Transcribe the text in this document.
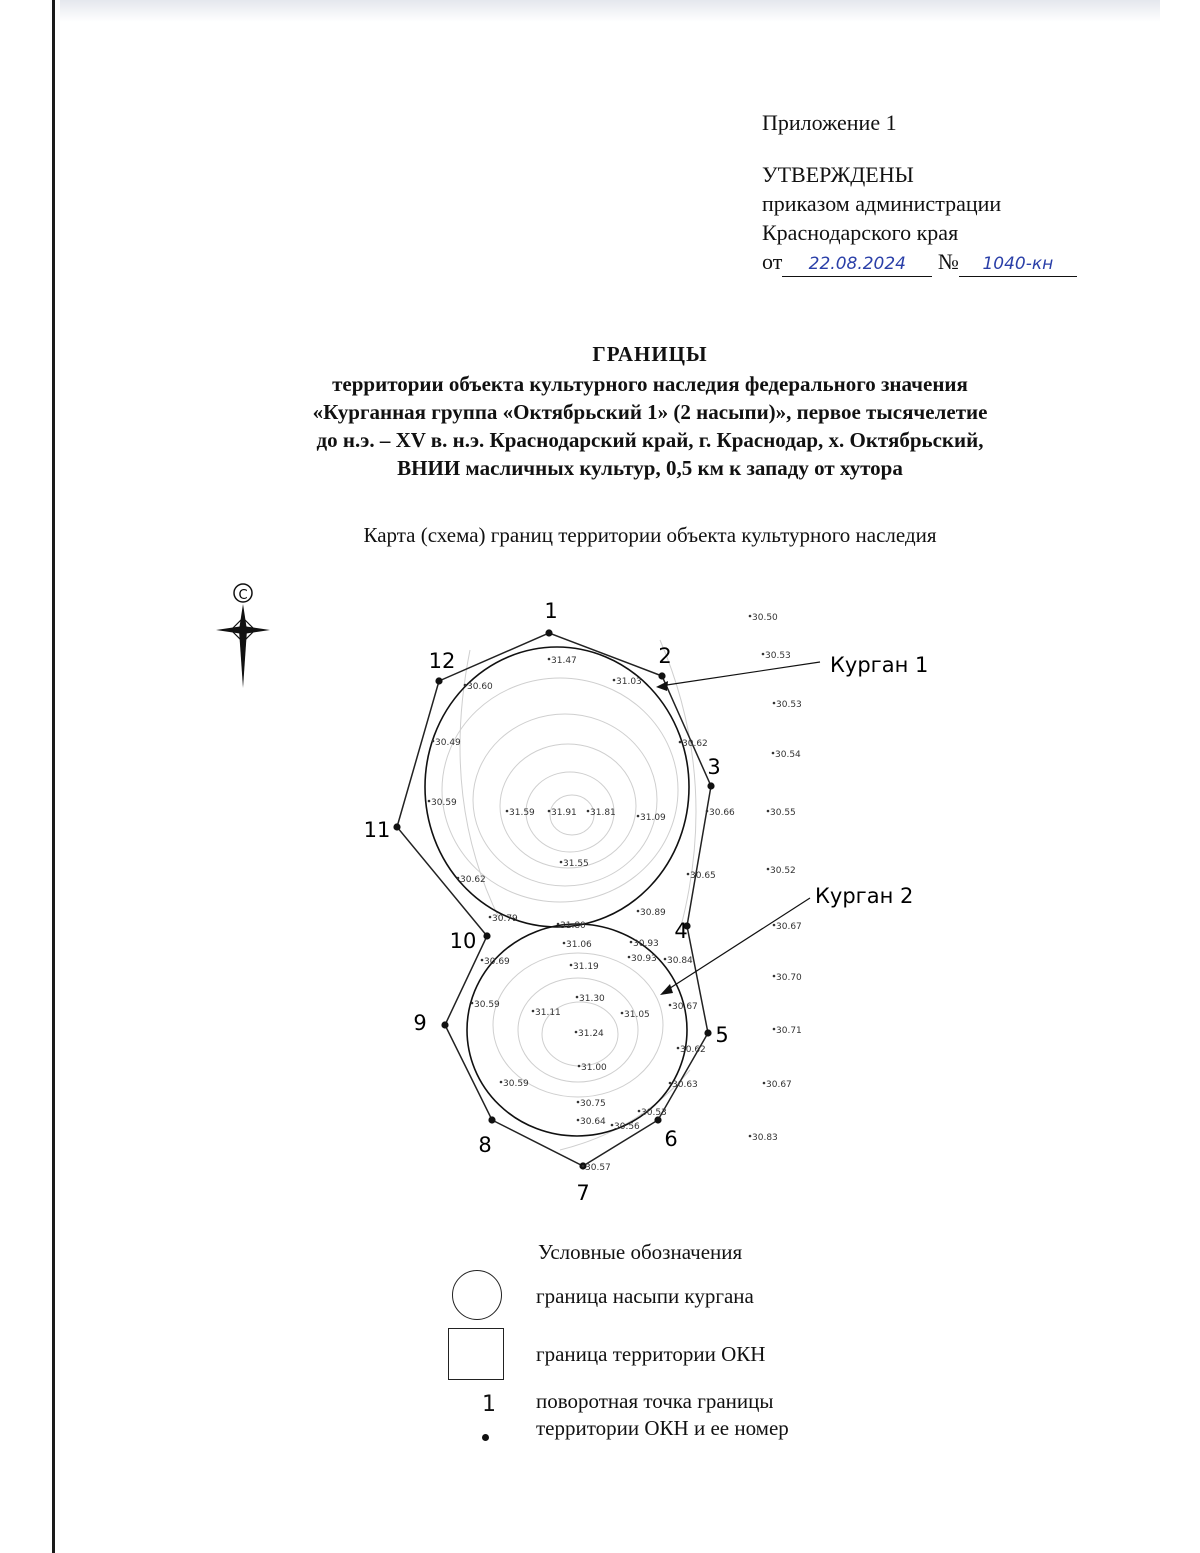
Приложение 1
УТВЕРЖДЕНЫ
приказом администрации
Краснодарского края
от 22.08.2024 № 1040-кн
ГРАНИЦЫ
территории объекта культурного наследия федерального значения
«Курганная группа «Октябрьский 1» (2 насыпи)», первое тысячелетие
до н.э. – XV в. н.э. Краснодарский край, г. Краснодар, х. Октябрьский,
ВНИИ масличных культур, 0,5 км к западу от хутора
Карта (схема) границ территории объекта культурного наследия
С
Курган 1
Курган 2
1
2
3
4
5
6
7
8
9
10
11
12	31.47	30.53
30.60	31.03
30.53
30.49	30.62
30.54
30.59
31.59 31.91 31.81	31.09	30.66	30.55
31.55
30.62	30.65	30.52
30.79
31.80
30.89
31.06	30.93
30.67
30.93
30.69	31.19
30.84
30.70
30.59
31.30
31.11	31.05
30.67
30.71
31.24
30.62
31.00
30.59	30.63	30.67
30.75
30.53
30.64 30.56
30.57
30.50
30.83
Условные обозначения
граница насыпи кургана
граница территории ОКН
1 поворотная точка границы
территории ОКН и ее номер
